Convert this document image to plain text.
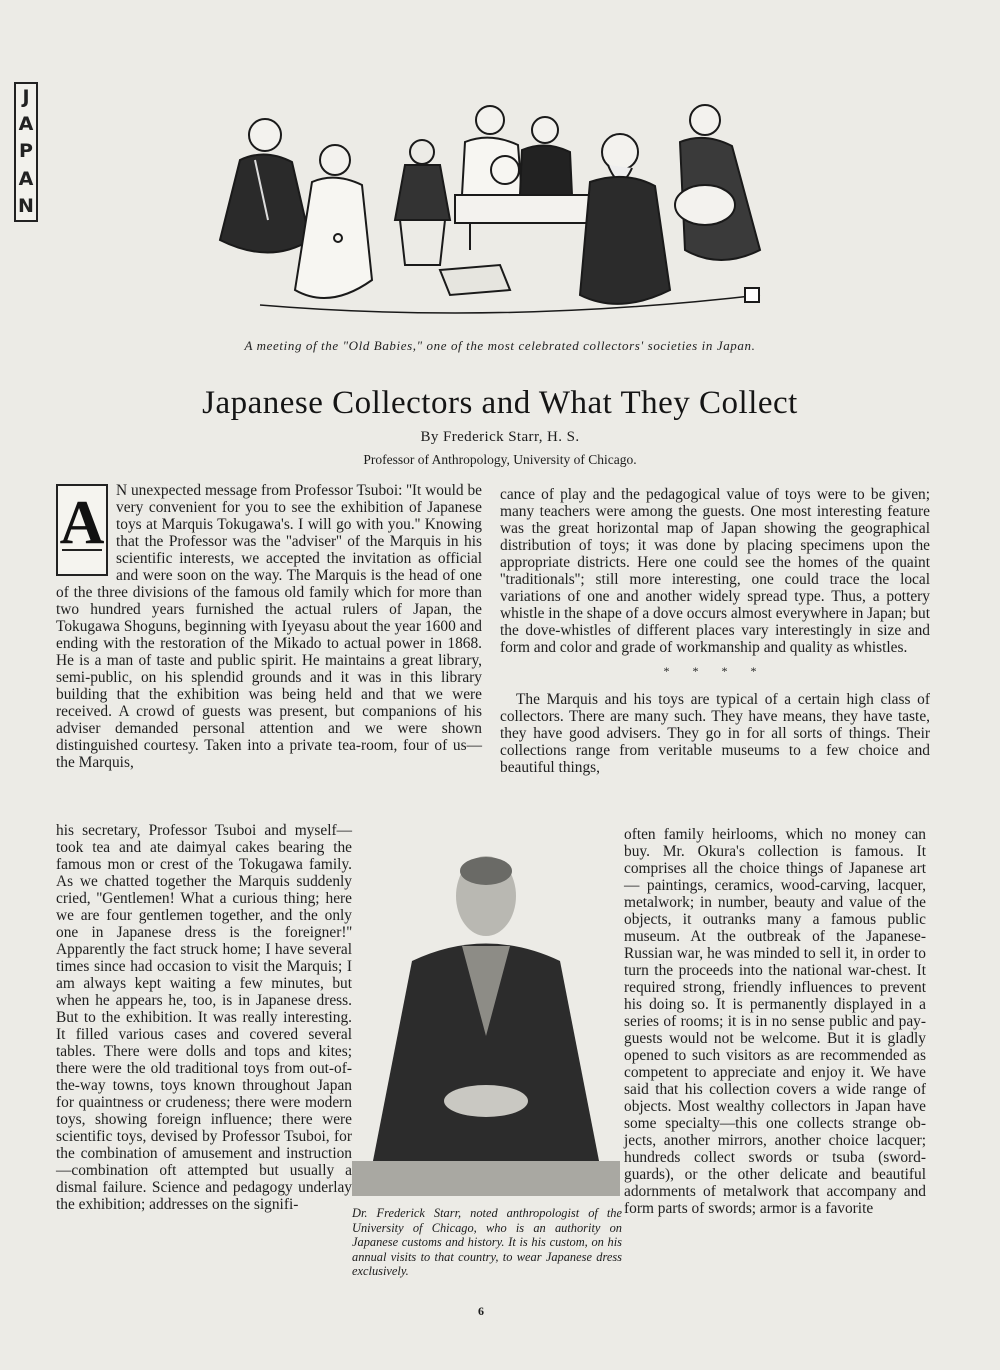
J
A
P
A
N
A meeting of the "Old Babies," one of the most celebrated collectors' societies in Japan.
Japanese Collectors and What They Collect
By Frederick Starr, H. S.
Professor of Anthropology, University of Chicago.
A N unexpected message from Professor Tsuboi: ''It would be very convenient for you to see the exhibition of Japanese toys at Marquis Tokugawa's. I will go with you.'' Knowing that the Professor was the ''adviser'' of the Marquis in his scientific interests, we accepted the invitation as official and were soon on the way. The Marquis is the head of one of the three divisions of the famous old family which for more than two hundred years furnished the actual rulers of Japan, the Tokugawa Shoguns, beginning with Iyeyasu about the year 1600 and ending with the restoration of the Mikado to actual power in 1868. He is a man of taste and public spirit. He maintains a great library, semi-public, on his splendid grounds and it was in this library building that the exhibition was being held and that we were received. A crowd of guests was present, but companions of his adviser demanded personal attention and we were shown distinguished courtesy. Taken into a private tea-room, four of us—the Marquis,

his secretary, Professor Tsuboi and myself—took tea and ate daimyal cakes bearing the famous mon or crest of the Tokugawa family. As we chatted together the Marquis suddenly cried, ''Gentlemen! What a curious thing; here we are four gentlemen together, and the only one in Japanese dress is the foreigner!'' Apparently the fact struck home; I have several times since had occasion to visit the Marquis; I am always kept waiting a few minutes, but when he appears he, too, is in Japanese dress. But to the exhibition. It was really interesting. It filled various cases and covered several tables. There were dolls and tops and kites; there were the old traditional toys from out-of-the-way towns, toys known throughout Japan for quaintness or crudeness; there were modern toys, showing foreign influence; there were scientific toys, devised by Professor Tsuboi, for the combination of amusement and instruction—combination oft attempted but usually a dismal failure. Science and pedagogy underlay the exhibition; addresses on the signifi-

cance of play and the pedagogical value of toys were to be given; many teachers were among the guests. One most interesting feature was the great horizontal map of Japan showing the geographical distribution of toys; it was done by placing specimens upon the appropriate districts. Here one could see the homes of the quaint ''traditionals''; still more interesting, one could trace the local variations of one and another widely spread type. Thus, a pottery whistle in the shape of a dove occurs almost everywhere in Japan; but the dove-whistles of different places vary interestingly in size and form and color and grade of workmanship and quality as whistles.

* * * *

The Marquis and his toys are typical of a certain high class of collectors. There are many such. They have means, they have taste, they have good advisers. They go in for all sorts of things. Their collections range from veritable museums to a few choice and beautiful things,

often family heirlooms, which no money can buy. Mr. Okura's collection is famous. It comprises all the choice things of Japanese art — paintings, ceramics, wood-carving, lacquer, metalwork; in number, beauty and value of the objects, it outranks many a famous public museum. At the outbreak of the Japanese-Russian war, he was minded to sell it, in order to turn the proceeds into the national war-chest. It required strong, friendly influences to prevent his doing so. It is permanently displayed in a series of rooms; it is in no sense public and pay-guests would not be welcome. But it is gladly opened to such visitors as are recommended as competent to appreciate and enjoy it. We have said that his collection covers a wide range of objects. Most wealthy collectors in Japan have some specialty—this one collects strange objects, another mirrors, another choice lacquer; hundreds collect swords or tsuba (sword-guards), or the other delicate and beautiful adornments of metalwork that accompany and form parts of swords; armor is a favorite

Dr. Frederick Starr, noted anthropologist of the University of Chicago, who is an authority on Japanese customs and history. It is his custom, on his annual visits to that country, to wear Japanese dress exclusively.
6
